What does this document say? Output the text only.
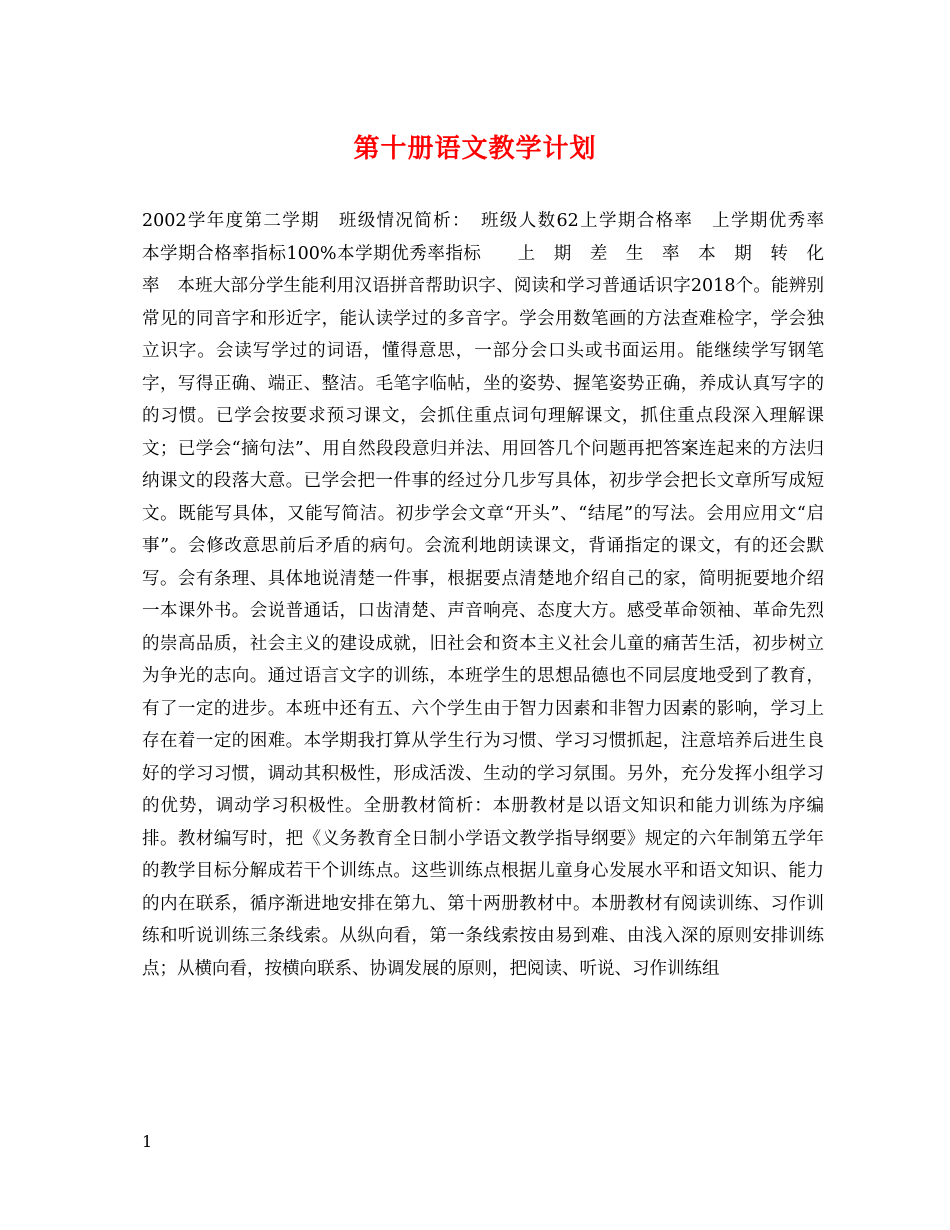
第十册语文教学计划

2002学年度第二学期　班级情况简析：　班级人数62上学期合格率　上学期优秀率　　本学期合格率指标100%本学期优秀率指标　　上　期　差　生　率　本　期　转　化　率　本班大部分学生能利用汉语拼音帮助识字、阅读和学习普通话识字2018个。能辨别常见的同音字和形近字，能认读学过的多音字。学会用数笔画的方法查难检字，学会独立识字。会读写学过的词语，懂得意思，一部分会口头或书面运用。能继续学写钢笔字，写得正确、端正、整洁。毛笔字临帖，坐的姿势、握笔姿势正确，养成认真写字的的习惯。已学会按要求预习课文，会抓住重点词句理解课文，抓住重点段深入理解课文；已学会“摘句法”、用自然段段意归并法、用回答几个问题再把答案连起来的方法归纳课文的段落大意。已学会把一件事的经过分几步写具体，初步学会把长文章所写成短文。既能写具体，又能写简洁。初步学会文章“开头”、“结尾”的写法。会用应用文“启事”。会修改意思前后矛盾的病句。会流利地朗读课文，背诵指定的课文，有的还会默写。会有条理、具体地说清楚一件事，根据要点清楚地介绍自己的家，简明扼要地介绍一本课外书。会说普通话，口齿清楚、声音响亮、态度大方。感受革命领袖、革命先烈的崇高品质，社会主义的建设成就，旧社会和资本主义社会儿童的痛苦生活，初步树立为争光的志向。通过语言文字的训练，本班学生的思想品德也不同层度地受到了教育，有了一定的进步。本班中还有五、六个学生由于智力因素和非智力因素的影响，学习上存在着一定的困难。本学期我打算从学生行为习惯、学习习惯抓起，注意培养后进生良好的学习习惯，调动其积极性，形成活泼、生动的学习氛围。另外，充分发挥小组学习的优势，调动学习积极性。全册教材简析：本册教材是以语文知识和能力训练为序编排。教材编写时，把《义务教育全日制小学语文教学指导纲要》规定的六年制第五学年的教学目标分解成若干个训练点。这些训练点根据儿童身心发展水平和语文知识、能力的内在联系，循序渐进地安排在第九、第十两册教材中。本册教材有阅读训练、习作训练和听说训练三条线索。从纵向看，第一条线索按由易到难、由浅入深的原则安排训练点；从横向看，按横向联系、协调发展的原则，把阅读、听说、习作训练组

1
